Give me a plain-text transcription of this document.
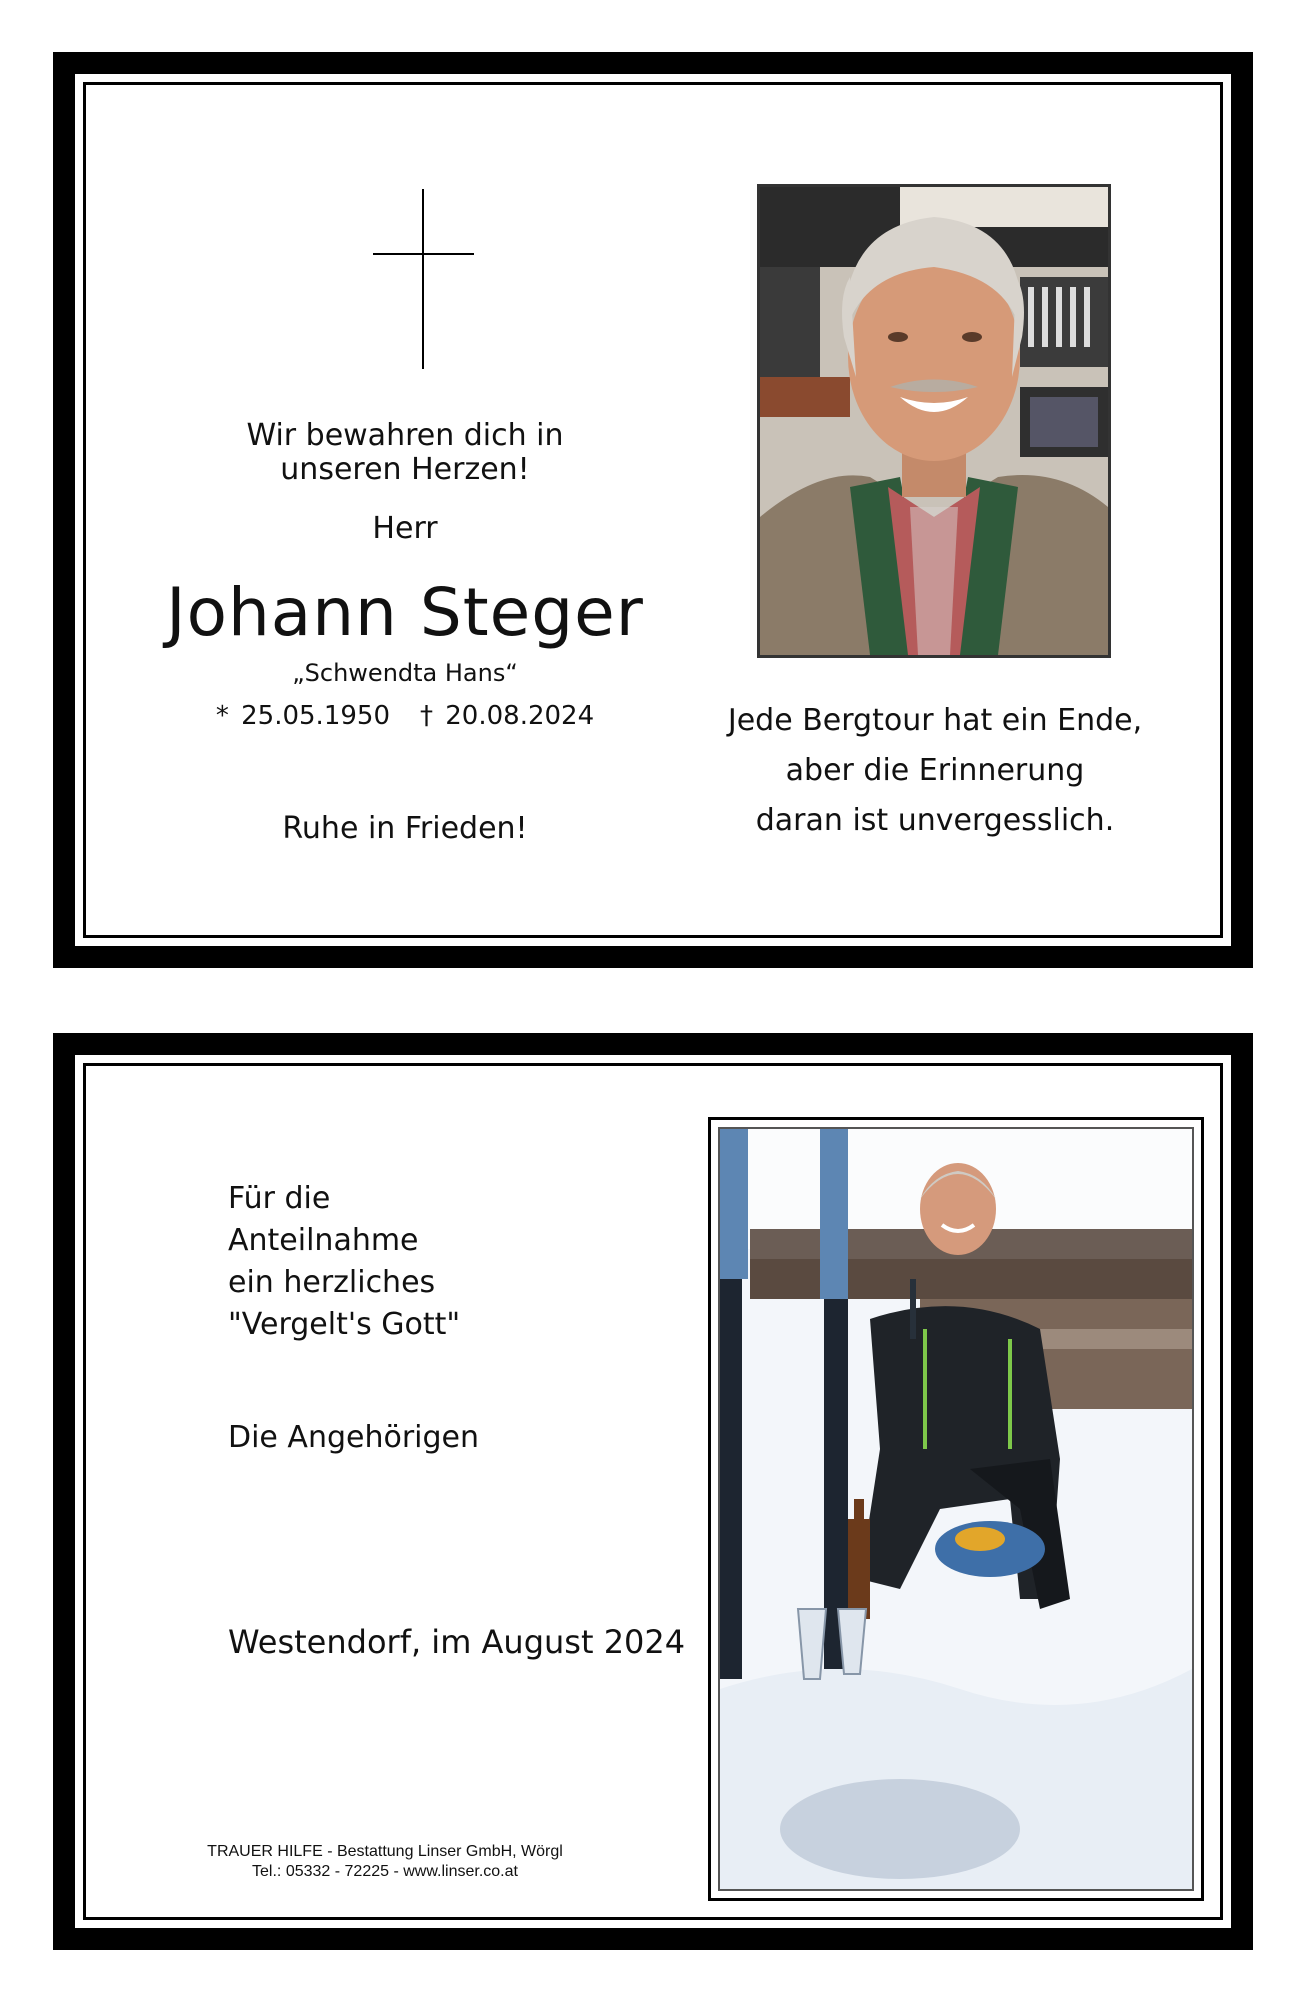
Wir bewahren dich in
unseren Herzen!
Herr
Johann Steger
„Schwendta Hans“
* 25.05.1950 † 20.08.2024
Ruhe in Frieden!
Jede Bergtour hat ein Ende,
aber die Erinnerung
daran ist unvergesslich.
Für die
Anteilnahme
ein herzliches
"Vergelt's Gott"
Die Angehörigen
Westendorf, im August 2024
TRAUER HILFE - Bestattung Linser GmbH, Wörgl
Tel.: 05332 - 72225 - www.linser.co.at
